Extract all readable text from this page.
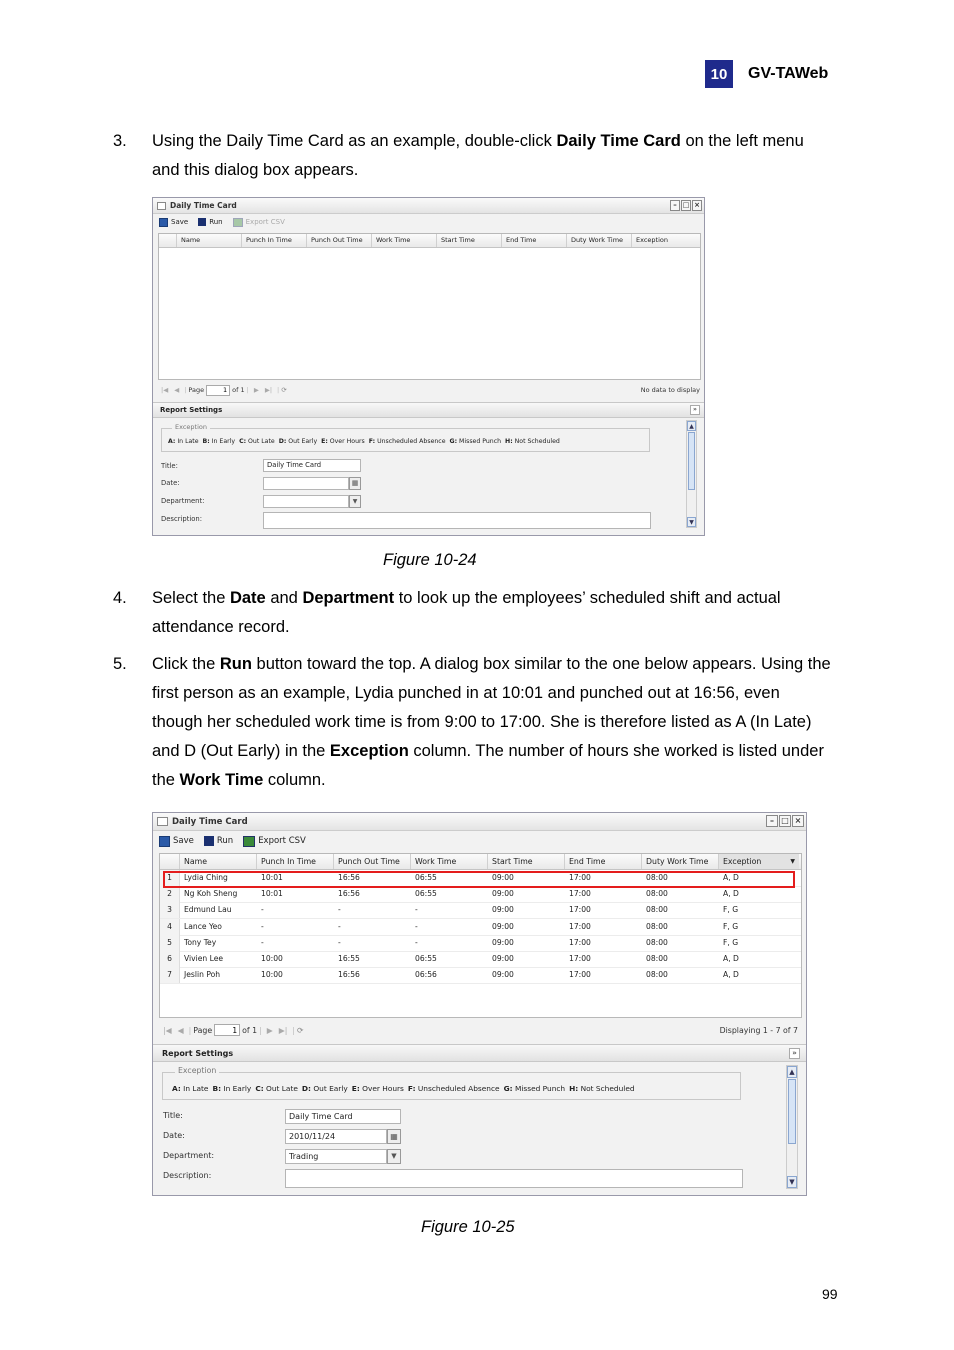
10	GV-TAWeb
3. Using the Daily Time Card as an example, double-click Daily Time Card on the left menu and this dialog box appears.
Daily Time Card	– □ ×
Save	Run	Export CSV
Name	Punch In Time	Punch Out Time	Work Time	Start Time	End Time	Duty Work Time	Exception
|◀ ◀ | Page
1	of 1 | ▶ ▶| | ⟳	No data to display
Report Settings	»
Exception
A: In Late B: In Early C: Out Late D: Out Early E: Over Hours F: Unscheduled Absence G: Missed Punch H: Not Scheduled
Title:	Daily Time Card
Date:	▦
Department:	▼
Description:
▲
▼
Figure 10-24
4. Select the Date and Department to look up the employees’ scheduled shift and actual attendance record.
5. Click the Run button toward the top. A dialog box similar to the one below appears. Using the first person as an example, Lydia punched in at 10:01 and punched out at 16:56, even though her scheduled work time is from 9:00 to 17:00. She is therefore listed as A (In Late) and D (Out Early) in the Exception column. The number of hours she worked is listed under the Work Time column.
Daily Time Card	– □ ×
Save	Run	Export CSV
Name	Punch In Time	Punch Out Time	Work Time	Start Time	End Time	Duty Work Time	Exception	▼
1	Lydia Ching	10:01	16:56	06:55	09:00	17:00	08:00	A, D
2	Ng Koh Sheng	10:01	16:56	06:55	09:00	17:00	08:00	A, D
3	Edmund Lau	-	-	-	09:00	17:00	08:00	F, G
4	Lance Yeo	-	-	-	09:00	17:00	08:00	F, G
5	Tony Tey	-	-	-	09:00	17:00	08:00	F, G
6	Vivien Lee	10:00	16:55	06:55	09:00	17:00	08:00	A, D
7	Jeslin Poh	10:00	16:56	06:56	09:00	17:00	08:00	A, D
|◀ ◀ | Page
1	of 1 | ▶ ▶| | ⟳	Displaying 1 - 7 of 7
Report Settings	»
Exception
A: In Late B: In Early C: Out Late D: Out Early E: Over Hours F: Unscheduled Absence G: Missed Punch H: Not Scheduled
Title:	Daily Time Card
Date:	2010/11/24	▦
Department:	Trading	▼
Description:
▲
▼
Figure 10-25
99
